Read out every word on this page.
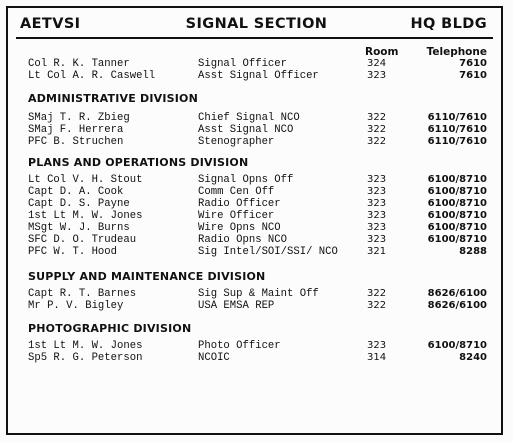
AETVSI	SIGNAL SECTION	HQ BLDG
Room	Telephone
Col R. K. Tanner	Signal Officer	324	7610
Lt Col A. R. Caswell	Asst Signal Officer	323	7610
ADMINISTRATIVE DIVISION
SMaj T. R. Zbieg	Chief Signal NCO	322	6110/7610
SMaj F. Herrera	Asst Signal NCO	322	6110/7610
PFC B. Struchen	Stenographer	322	6110/7610
PLANS AND OPERATIONS DIVISION
Lt Col V. H. Stout	Signal Opns Off	323	6100/8710
Capt D. A. Cook	Comm Cen Off	323	6100/8710
Capt D. S. Payne	Radio Officer	323	6100/8710
1st Lt M. W. Jones	Wire Officer	323	6100/8710
MSgt W. J. Burns	Wire Opns NCO	323	6100/8710
SFC D. O. Trudeau	Radio Opns NCO	323	6100/8710
PFC W. T. Hood	Sig Intel/SOI/SSI/ NCO	321	8288
SUPPLY AND MAINTENANCE DIVISION
Capt R. T. Barnes	Sig Sup & Maint Off	322	8626/6100
Mr P. V. Bigley	USA EMSA REP	322	8626/6100
PHOTOGRAPHIC DIVISION
1st Lt M. W. Jones	Photo Officer	323	6100/8710
Sp5 R. G. Peterson	NCOIC	314	8240
